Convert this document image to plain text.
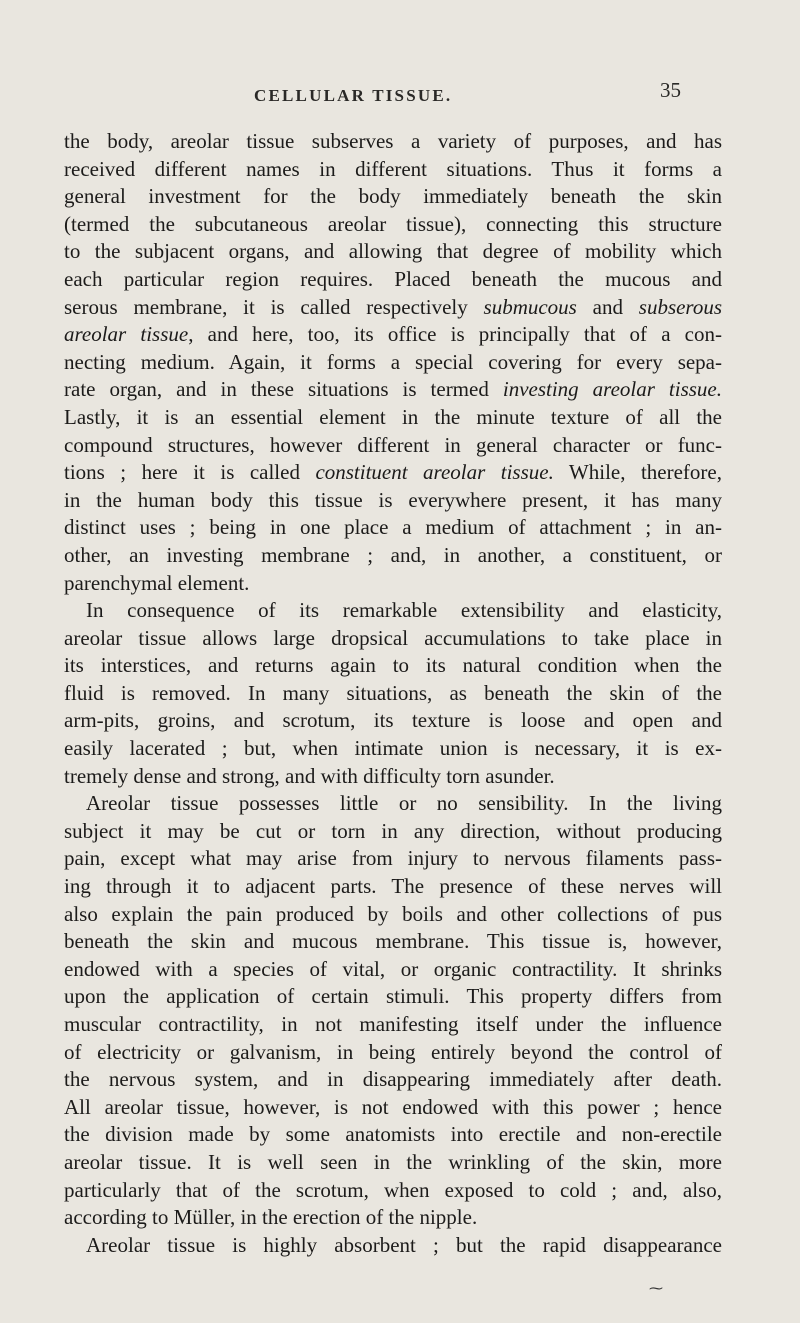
CELLULAR TISSUE.	35
the body, areolar tissue subserves a variety of purposes, and has
received different names in different situations. Thus it forms a
general investment for the body immediately beneath the skin
(termed the subcutaneous areolar tissue), connecting this structure
to the subjacent organs, and allowing that degree of mobility which
each particular region requires. Placed beneath the mucous and
serous membrane, it is called respectively submucous and subserous
areolar tissue, and here, too, its office is principally that of a con-
necting medium. Again, it forms a special covering for every sepa-
rate organ, and in these situations is termed investing areolar tissue.
Lastly, it is an essential element in the minute texture of all the
compound structures, however different in general character or func-
tions ; here it is called constituent areolar tissue. While, therefore,
in the human body this tissue is everywhere present, it has many
distinct uses ; being in one place a medium of attachment ; in an-
other, an investing membrane ; and, in another, a constituent, or
parenchymal element.
In consequence of its remarkable extensibility and elasticity,
areolar tissue allows large dropsical accumulations to take place in
its interstices, and returns again to its natural condition when the
fluid is removed. In many situations, as beneath the skin of the
arm-pits, groins, and scrotum, its texture is loose and open and
easily lacerated ; but, when intimate union is necessary, it is ex-
tremely dense and strong, and with difficulty torn asunder.
Areolar tissue possesses little or no sensibility. In the living
subject it may be cut or torn in any direction, without producing
pain, except what may arise from injury to nervous filaments pass-
ing through it to adjacent parts. The presence of these nerves will
also explain the pain produced by boils and other collections of pus
beneath the skin and mucous membrane. This tissue is, however,
endowed with a species of vital, or organic contractility. It shrinks
upon the application of certain stimuli. This property differs from
muscular contractility, in not manifesting itself under the influence
of electricity or galvanism, in being entirely beyond the control of
the nervous system, and in disappearing immediately after death.
All areolar tissue, however, is not endowed with this power ; hence
the division made by some anatomists into erectile and non-erectile
areolar tissue. It is well seen in the wrinkling of the skin, more
particularly that of the scrotum, when exposed to cold ; and, also,
according to Müller, in the erection of the nipple.
Areolar tissue is highly absorbent ; but the rapid disappearance
⁓
